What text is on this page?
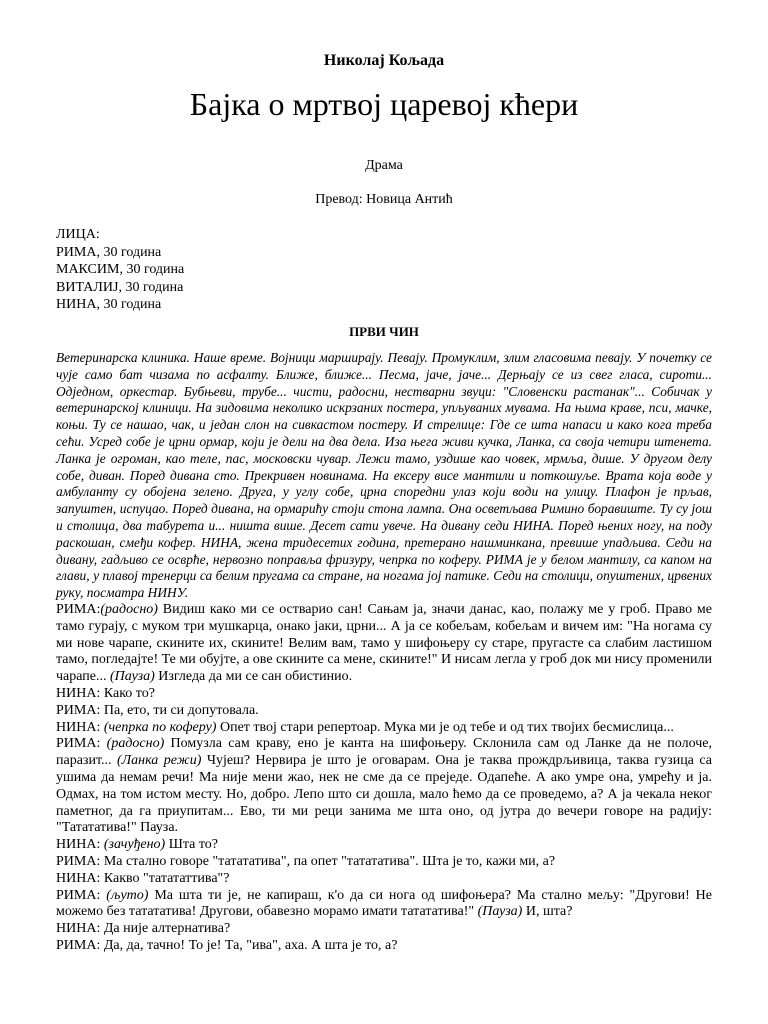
Николај Кољада
Бајка о мртвој царевој кћери
Драма
Превод: Новица Антић
ЛИЦА:
РИМА, 30 година
МАКСИМ, 30 година
ВИТАЛИЈ, 30 година
НИНА, 30 година
ПРВИ ЧИН

Ветеринарска клиника. Наше време. Војници марширају. Певају. Промуклим, злим гласовима певају. У почетку се чује само бат чизама по асфалту. Ближе, ближе... Песма, јаче, јаче... Дерњају се из свег гласа, сироти... Одједном, оркестар. Бубњеви, трубе... чисти, радосни, нестварни звуци: "Словенски растанак"... Собичак у ветеринарској клиници. На зидовима неколико искрзаних постера, упљуваних мувама. На њима краве, пси, мачке, коњи. Ту се нашао, чак, и један слон на сивкастом постеру. И стрелице: Где се шта напаси и како кога треба сећи. Усред собе је црни ормар, који је дели на два дела. Иза њега живи кучка, Ланка, са своја четири штенета. Ланка је огроман, као теле, пас, московски чувар. Лежи тамо, уздише као човек, мрмља, дише. У другом делу собе, диван. Поред дивана сто. Прекривен новинама. На ексеру висе мантили и поткошуље. Врата која воде у амбуланту су обојена зелено. Друга, у углу собе, црна споредни улаз који води на улицу. Плафон је прљав, запуштен, испуцао. Поред дивана, на ормарићу стоји стона лампа. Она осветљава Римино боравиште. Ту су још и столица, два табурета и... ништа више. Десет сати увече. На дивану седи НИНА. Поред њених ногу, на поду раскошан, смеђи кофер. НИНА, жена тридесетих година, претерано нашминкана, превише упадљива. Седи на дивану, гадљиво се осврће, нервозно поправља фризуру, чепрка по коферу. РИМА је у белом мантилу, са капом на глави, у плавој тренерци са белим пругама са стране, на ногама јој патике. Седи на столици, опуштених, црвених руку, посматра НИНУ.

РИМА:(радосно) Видиш како ми се остварио сан! Сањам ја, значи данас, као, полажу ме у гроб. Право ме тамо гурају, с муком три мушкарца, онако јаки, црни... А ја се кобељам, кобељам и вичем им: "На ногама су ми нове чарапе, скините их, скините! Велим вам, тамо у шифоњеру су старе, пругасте са слабим ластишом тамо, погледајте! Те ми обујте, а ове скините са мене, скините!" И нисам легла у гроб док ми нису променили чарапе... (Пауза) Изгледа да ми се сан обистинио.

НИНА: Како то?

РИМА: Па, ето, ти си допутовала.

НИНА: (чепрка по коферу) Опет твој стари репертоар. Мука ми је од тебе и од тих твојих бесмислица...

РИМА: (радосно) Помузла сам краву, ено је канта на шифоњеру. Склонила сам од Ланке да не полоче, паразит... (Ланка режи) Чујеш? Нервира је што је оговарам. Она је таква прождрљивица, таква гузица са ушима да немам речи! Ма није мени жао, нек не сме да се преједе. Одапеће. А ако умре она, умрећу и ја. Одмах, на том истом месту. Но, добро. Лепо што си дошла, мало ћемо да се проведемо, а? А ја чекала неког паметног, да га приупитам... Ево, ти ми реци занима ме шта оно, од јутра до вечери говоре на радију: "Татататива!" Пауза.

НИНА: (зачуђено) Шта то?

РИМА: Ма стално говоре "татататива", па опет "татататива". Шта је то, кажи ми, а?

НИНА: Какво "татататтива"?

РИМА: (љуто) Ма шта ти је, не капираш, к'о да си нога од шифоњера? Ма стално мељу: "Другови! Не можемо без татататива! Другови, обавезно морамо имати татататива!" (Пауза) И, шта?

НИНА: Да није алтернатива?

РИМА: Да, да, тачно! То је! Та, "ива", аха. А шта је то, а?
